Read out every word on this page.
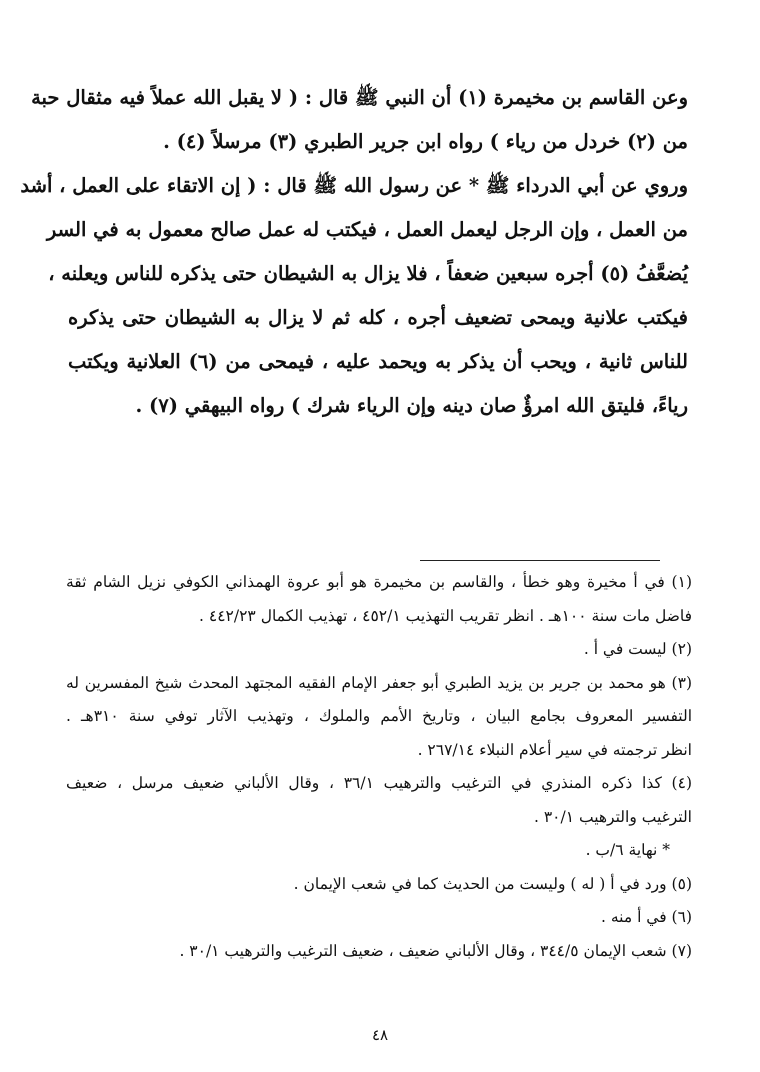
وعن القاسم بن مخيمرة (١) أن النبي ﷺ قال : ( لا يقبل الله عملاً فيه مثقال حبة
من (٢) خردل من رياء ) رواه ابن جرير الطبري (٣) مرسلاً (٤) .
وروي عن أبي الدرداء ﷺ * عن رسول الله ﷺ قال : ( إن الاتقاء على العمل ، أشد
من العمل ، وإن الرجل ليعمل العمل ، فيكتب له عمل صالح معمول به في السر
يُضعَّفُ (٥) أجره سبعين ضعفاً ، فلا يزال به الشيطان حتى يذكره للناس ويعلنه ،
فيكتب علانية ويمحى تضعيف أجره ، كله ثم لا يزال به الشيطان حتى يذكره
للناس ثانية ، ويحب أن يذكر به ويحمد عليه ، فيمحى من (٦) العلانية ويكتب
رياءً، فليتق الله امرؤٌ صان دينه وإن الرياء شرك ) رواه البيهقي (٧) .
(١) في أ مخيرة وهو خطأ ، والقاسم بن مخيمرة هو أبو عروة الهمذاني الكوفي نزيل الشام ثقة
فاضل مات سنة ١٠٠هـ . انظر تقريب التهذيب ٤٥٢/١ ، تهذيب الكمال ٤٤٢/٢٣ .
(٢) ليست في أ .
(٣) هو محمد بن جرير بن يزيد الطبري أبو جعفر الإمام الفقيه المجتهد المحدث شيخ المفسرين له
التفسير المعروف بجامع البيان ، وتاريخ الأمم والملوك ، وتهذيب الآثار توفي سنة ٣١٠هـ .
انظر ترجمته في سير أعلام النبلاء ٢٦٧/١٤ .
(٤) كذا ذكره المنذري في الترغيب والترهيب ٣٦/١ ، وقال الألباني ضعيف مرسل ، ضعيف
الترغيب والترهيب ٣٠/١ .
* نهاية ٦/ب .
(٥) ورد في أ ( له ) وليست من الحديث كما في شعب الإيمان .
(٦) في أ منه .
(٧) شعب الإيمان ٣٤٤/٥ ، وقال الألباني ضعيف ، ضعيف الترغيب والترهيب ٣٠/١ .
٤٨
